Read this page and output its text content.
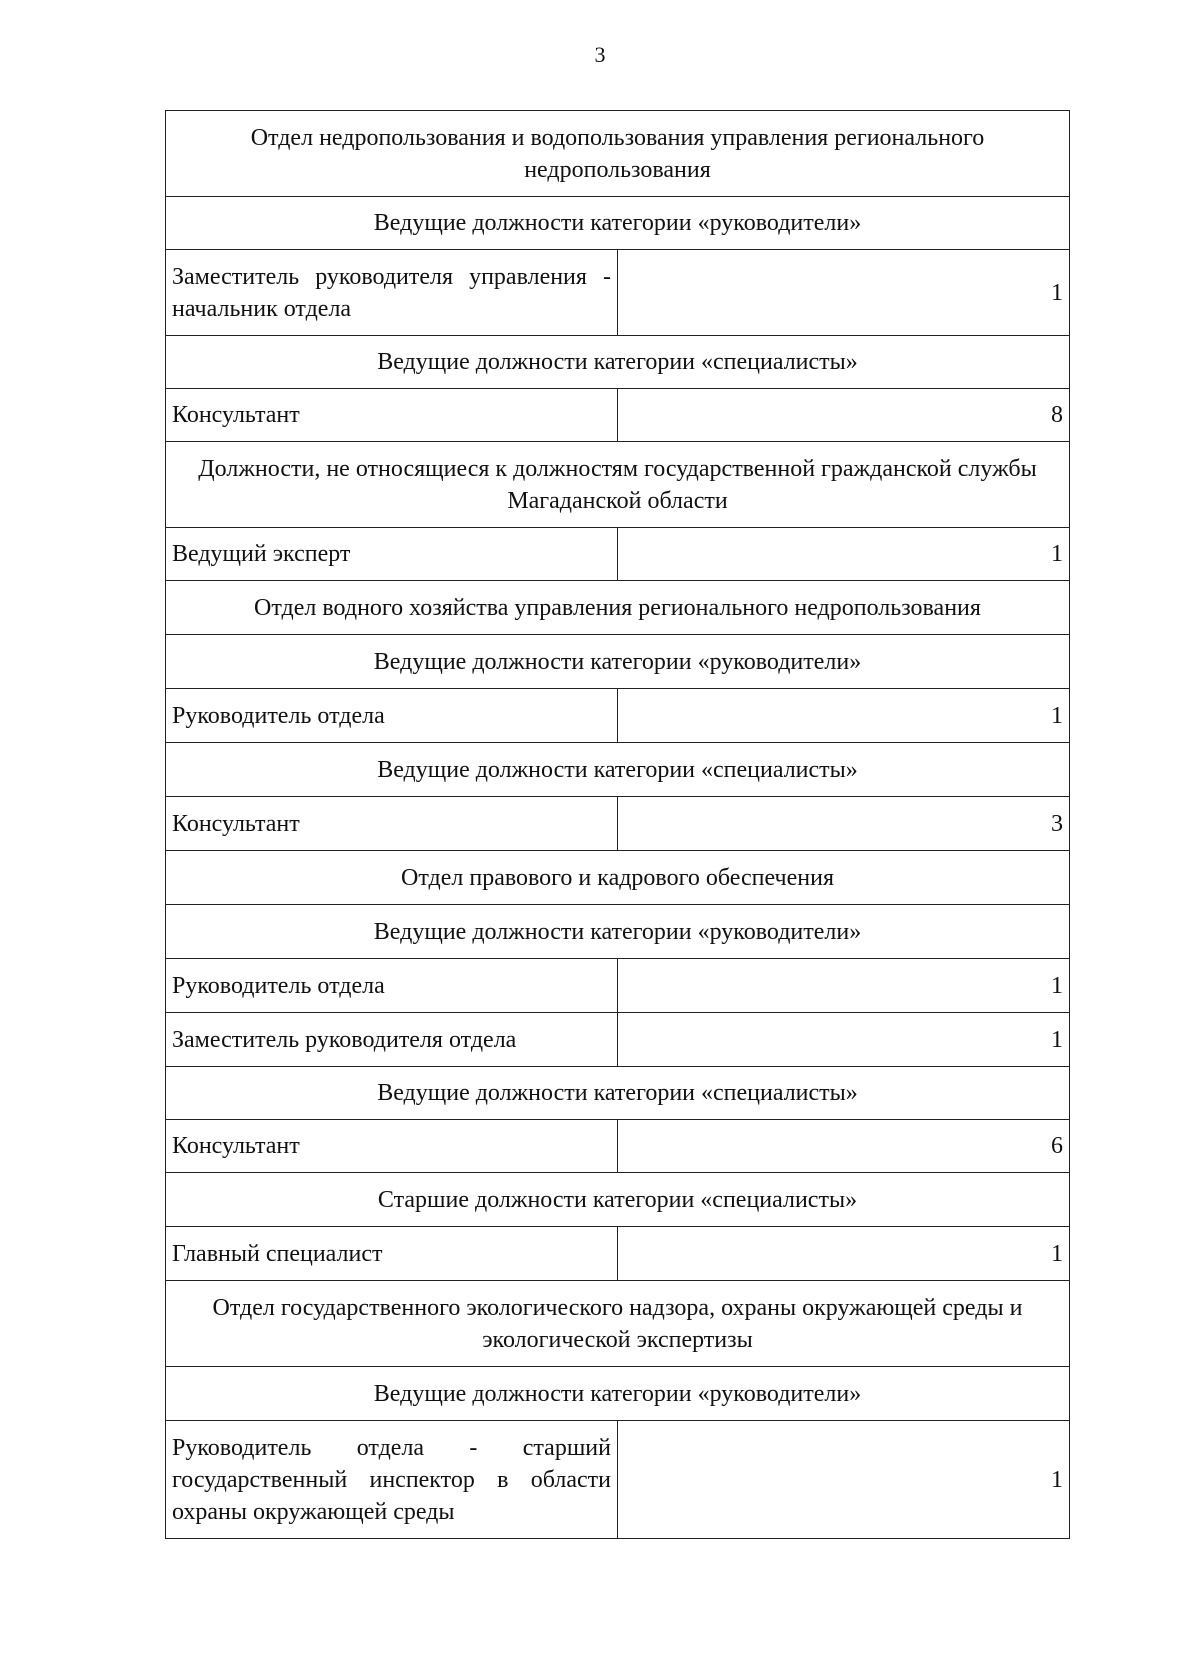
3
Отдел недропользования и водопользования управления регионального недропользования	
Ведущие должности категории «руководители»	
Заместитель руководителя управления - начальник отдела	1
Ведущие должности категории «специалисты»	
Консультант	8
Должности, не относящиеся к должностям государственной гражданской службы Магаданской области	
Ведущий эксперт	1
Отдел водного хозяйства управления регионального недропользования	
Ведущие должности категории «руководители»	
Руководитель отдела	1
Ведущие должности категории «специалисты»	
Консультант	3
Отдел правового и кадрового обеспечения	
Ведущие должности категории «руководители»	
Руководитель отдела	1
Заместитель руководителя отдела	1
Ведущие должности категории «специалисты»	
Консультант	6
Старшие должности категории «специалисты»	
Главный специалист	1
Отдел государственного экологического надзора, охраны окружающей среды и экологической экспертизы	
Ведущие должности категории «руководители»	
Руководитель отдела - старший государственный инспектор в области охраны окружающей среды	1
